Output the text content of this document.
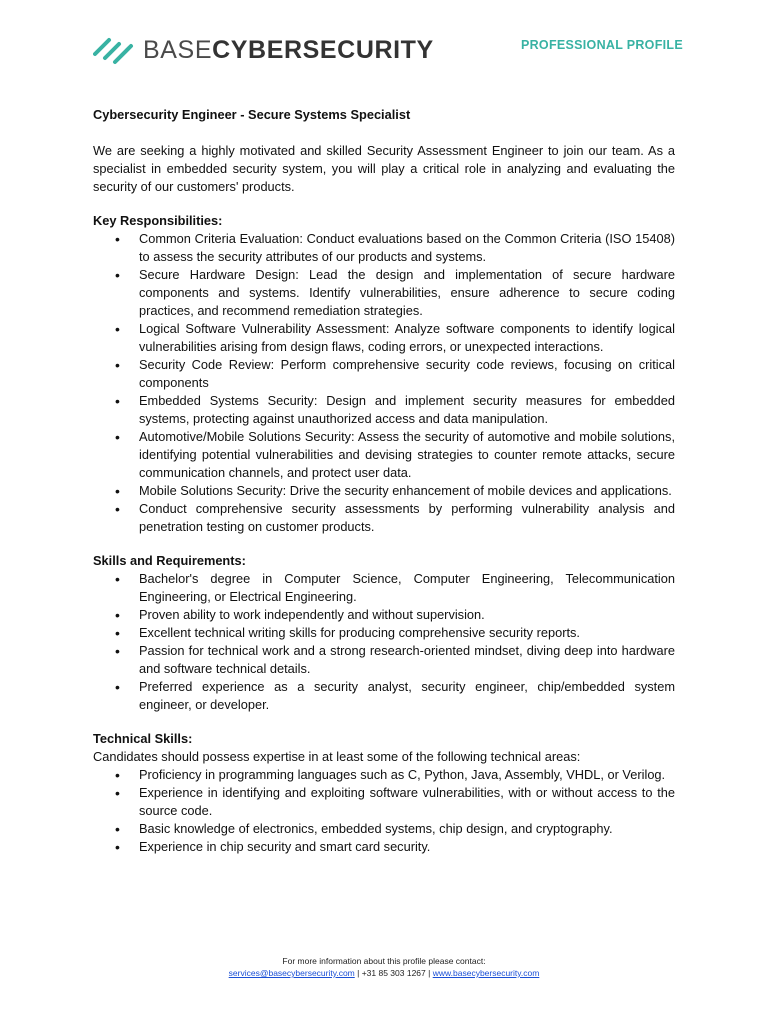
BASECYBERSECURITY	PROFESSIONAL PROFILE

Cybersecurity Engineer - Secure Systems Specialist

We are seeking a highly motivated and skilled Security Assessment Engineer to join our team. As a specialist in embedded security system, you will play a critical role in analyzing and evaluating the security of our customers' products.

Key Responsibilities:

• Common Criteria Evaluation: Conduct evaluations based on the Common Criteria (ISO 15408) to assess the security attributes of our products and systems.
• Secure Hardware Design: Lead the design and implementation of secure hardware components and systems. Identify vulnerabilities, ensure adherence to secure coding practices, and recommend remediation strategies.
• Logical Software Vulnerability Assessment: Analyze software components to identify logical vulnerabilities arising from design flaws, coding errors, or unexpected interactions.
• Security Code Review: Perform comprehensive security code reviews, focusing on critical components
• Embedded Systems Security: Design and implement security measures for embedded systems, protecting against unauthorized access and data manipulation.
• Automotive/Mobile Solutions Security: Assess the security of automotive and mobile solutions, identifying potential vulnerabilities and devising strategies to counter remote attacks, secure communication channels, and protect user data.
• Mobile Solutions Security: Drive the security enhancement of mobile devices and applications.
• Conduct comprehensive security assessments by performing vulnerability analysis and penetration testing on customer products.

Skills and Requirements:

• Bachelor's degree in Computer Science, Computer Engineering, Telecommunication Engineering, or Electrical Engineering.
• Proven ability to work independently and without supervision.
• Excellent technical writing skills for producing comprehensive security reports.
• Passion for technical work and a strong research-oriented mindset, diving deep into hardware and software technical details.
• Preferred experience as a security analyst, security engineer, chip/embedded system engineer, or developer.

Technical Skills:

Candidates should possess expertise in at least some of the following technical areas:

• Proficiency in programming languages such as C, Python, Java, Assembly, VHDL, or Verilog.
• Experience in identifying and exploiting software vulnerabilities, with or without access to the source code.
• Basic knowledge of electronics, embedded systems, chip design, and cryptography.
• Experience in chip security and smart card security.
For more information about this profile please contact:
services@basecybersecurity.com | +31 85 303 1267 | www.basecybersecurity.com
